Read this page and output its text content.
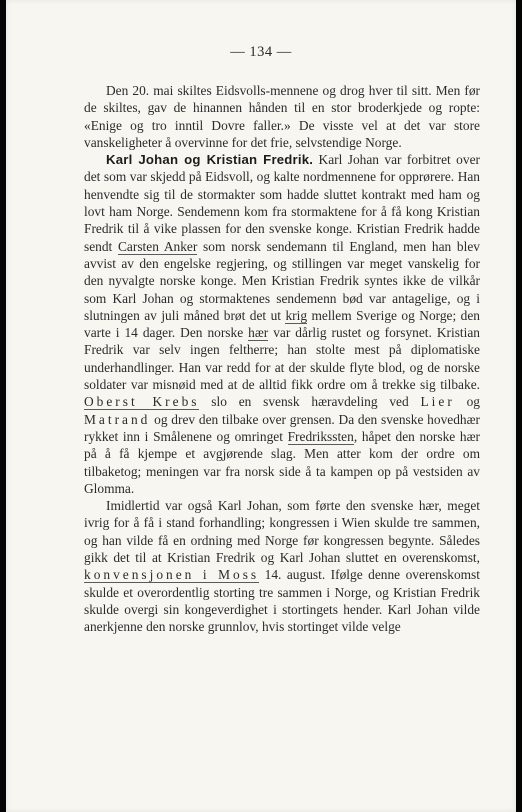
— 134 —

Den 20. mai skiltes Eidsvolls-mennene og drog hver til sitt. Men før de skiltes, gav de hinannen hånden til en stor broderkjede og ropte: «Enige og tro inntil Dovre faller.» De visste vel at det var store vanskeligheter å overvinne for det frie, selvstendige Norge.

Karl Johan og Kristian Fredrik. Karl Johan var forbitret over det som var skjedd på Eidsvoll, og kalte nordmennene for opprørere. Han henvendte sig til de stormakter som hadde sluttet kontrakt med ham og lovt ham Norge. Sendemenn kom fra stormaktene for å få kong Kristian Fredrik til å vike plassen for den svenske konge. Kristian Fredrik hadde sendt Carsten Anker som norsk sendemann til England, men han blev avvist av den engelske regjering, og stillingen var meget vanskelig for den nyvalgte norske konge. Men Kristian Fredrik syntes ikke de vilkår som Karl Johan og stormaktenes sendemenn bød var antagelige, og i slutningen av juli måned brøt det ut krig mellem Sverige og Norge; den varte i 14 dager. Den norske hær var dårlig rustet og forsynet. Kristian Fredrik var selv ingen feltherre; han stolte mest på diplomatiske underhandlinger. Han var redd for at der skulde flyte blod, og de norske soldater var misnøid med at de alltid fikk ordre om å trekke sig tilbake. Oberst Krebs slo en svensk hæravdeling ved Lier og Matrand og drev den tilbake over grensen. Da den svenske hovedhær rykket inn i Smålenene og omringet Fredrikssten, håpet den norske hær på å få kjempe et avgjørende slag. Men atter kom der ordre om tilbaketog; meningen var fra norsk side å ta kampen op på vestsiden av Glomma.

Imidlertid var også Karl Johan, som førte den svenske hær, meget ivrig for å få i stand forhandling; kongressen i Wien skulde tre sammen, og han vilde få en ordning med Norge før kongressen begynte. Således gikk det til at Kristian Fredrik og Karl Johan sluttet en overenskomst, konvensjonen i Moss 14. august. Ifølge denne overenskomst skulde et overordentlig storting tre sammen i Norge, og Kristian Fredrik skulde overgi sin kongeverdighet i stortingets hender. Karl Johan vilde anerkjenne den norske grunnlov, hvis stortinget vilde velge
